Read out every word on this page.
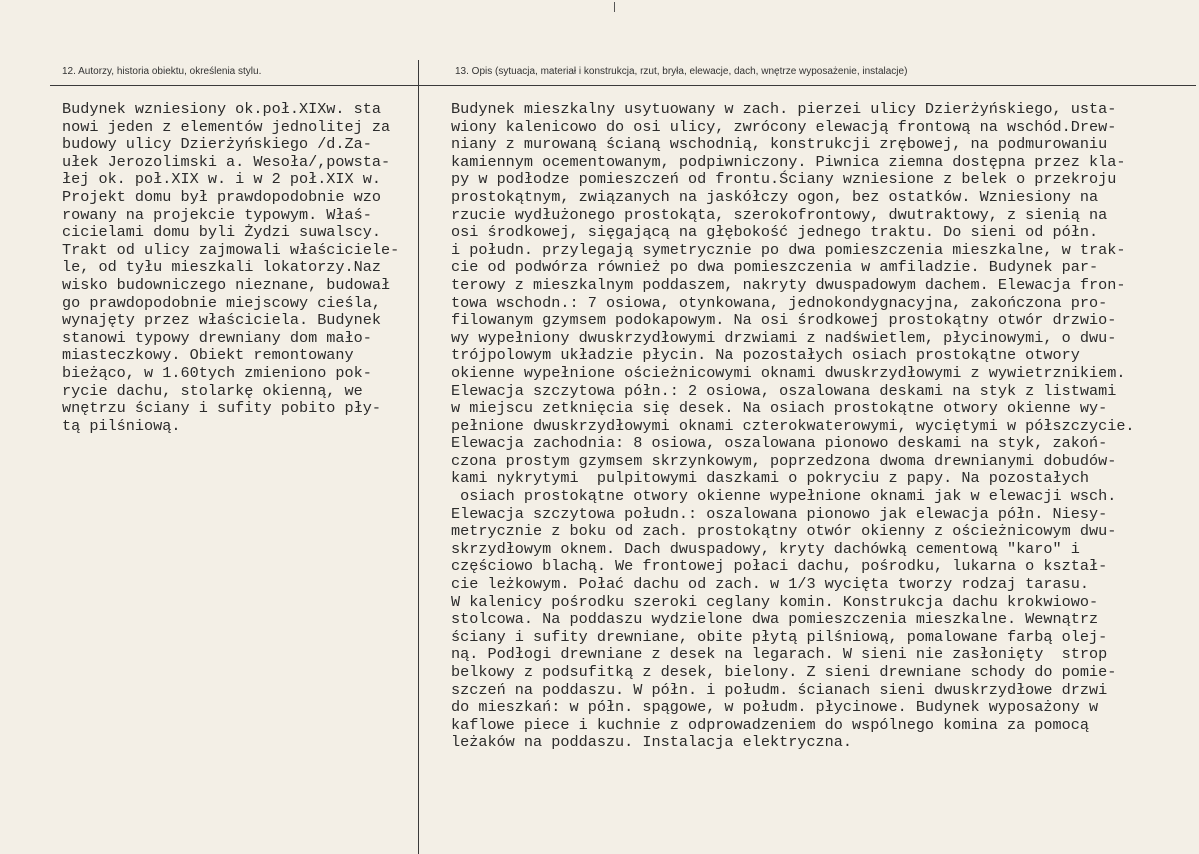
12. Autorzy, historia obiektu, określenia stylu.	13. Opis (sytuacja, materiał i konstrukcja, rzut, bryła, elewacje, dach, wnętrze wyposażenie, instalacje)
Budynek wzniesiony ok.poł.XIXw. sta
nowi jeden z elementów jednolitej za
budowy ulicy Dzierżyńskiego /d.Za-
ułek Jerozolimski a. Wesoła/,powsta-
łej ok. poł.XIX w. i w 2 poł.XIX w.
Projekt domu był prawdopodobnie wzo
rowany na projekcie typowym. Właś-
cicielami domu byli Żydzi suwalscy.
Trakt od ulicy zajmowali właściciele-
le, od tyłu mieszkali lokatorzy.Naz
wisko budowniczego nieznane, budował
go prawdopodobnie miejscowy cieśla,
wynajęty przez właściciela. Budynek
stanowi typowy drewniany dom mało-
miasteczkowy. Obiekt remontowany
bieżąco, w 1.60tych zmieniono pok-
rycie dachu, stolarkę okienną, we
wnętrzu ściany i sufity pobito pły-
tą pilśniową.
Budynek mieszkalny usytuowany w zach. pierzei ulicy Dzierżyńskiego, usta-
wiony kalenicowo do osi ulicy, zwrócony elewacją frontową na wschód.Drew-
niany z murowaną ścianą wschodnią, konstrukcji zrębowej, na podmurowaniu
kamiennym ocementowanym, podpiwniczony. Piwnica ziemna dostępna przez kla-
py w podłodze pomieszczeń od frontu.Ściany wzniesione z belek o przekroju
prostokątnym, związanych na jaskółczy ogon, bez ostatków. Wzniesiony na
rzucie wydłużonego prostokąta, szerokofrontowy, dwutraktowy, z sienią na
osi środkowej, sięgającą na głębokość jednego traktu. Do sieni od półn.
i połudn. przylegają symetrycznie po dwa pomieszczenia mieszkalne, w trak-
cie od podwórza również po dwa pomieszczenia w amfiladzie. Budynek par-
terowy z mieszkalnym poddaszem, nakryty dwuspadowym dachem. Elewacja fron-
towa wschodn.: 7 osiowa, otynkowana, jednokondygnacyjna, zakończona pro-
filowanym gzymsem podokapowym. Na osi środkowej prostokątny otwór drzwio-
wy wypełniony dwuskrzydłowymi drzwiami z nadświetlem, płycinowymi, o dwu-
trójpolowym układzie płycin. Na pozostałych osiach prostokątne otwory
okienne wypełnione ościeżnicowymi oknami dwuskrzydłowymi z wywietrznikiem.
Elewacja szczytowa półn.: 2 osiowa, oszalowana deskami na styk z listwami
w miejscu zetknięcia się desek. Na osiach prostokątne otwory okienne wy-
pełnione dwuskrzydłowymi oknami czterokwaterowymi, wyciętymi w półszczycie.
Elewacja zachodnia: 8 osiowa, oszalowana pionowo deskami na styk, zakoń-
czona prostym gzymsem skrzynkowym, poprzedzona dwoma drewnianymi dobudów-
kami nykrytymi  pulpitowymi daszkami o pokryciu z papy. Na pozostałych
osiach prostokątne otwory okienne wypełnione oknami jak w elewacji wsch.
Elewacja szczytowa połudn.: oszalowana pionowo jak elewacja półn. Niesy-
metrycznie z boku od zach. prostokątny otwór okienny z ościeżnicowym dwu-
skrzydłowym oknem. Dach dwuspadowy, kryty dachówką cementową "karo" i
częściowo blachą. We frontowej połaci dachu, pośrodku, lukarna o kształ-
cie leżkowym. Połać dachu od zach. w 1/3 wycięta tworzy rodzaj tarasu.
W kalenicy pośrodku szeroki ceglany komin. Konstrukcja dachu krokwiowo-
stolcowa. Na poddaszu wydzielone dwa pomieszczenia mieszkalne. Wewnątrz
ściany i sufity drewniane, obite płytą pilśniową, pomalowane farbą olej-
ną. Podłogi drewniane z desek na legarach. W sieni nie zasłonięty  strop
belkowy z podsufitką z desek, bielony. Z sieni drewniane schody do pomie-
szczeń na poddaszu. W półn. i połudm. ścianach sieni dwuskrzydłowe drzwi
do mieszkań: w półn. spągowe, w połudm. płycinowe. Budynek wyposażony w
kaflowe piece i kuchnie z odprowadzeniem do wspólnego komina za pomocą
leżaków na poddaszu. Instalacja elektryczna.
